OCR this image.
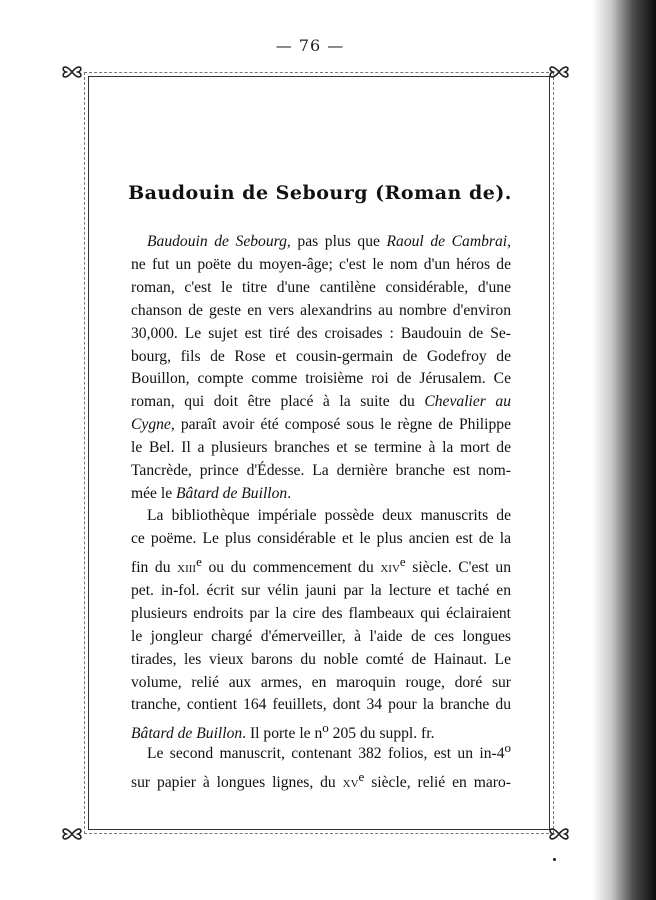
— 76 —
Baudouin de Sebourg (Roman de).
Baudouin de Sebourg, pas plus que Raoul de Cambrai,
ne fut un poëte du moyen-âge; c'est le nom d'un héros de
roman, c'est le titre d'une cantilène considérable, d'une
chanson de geste en vers alexandrins au nombre d'environ
30,000. Le sujet est tiré des croisades : Baudouin de Se-
bourg, fils de Rose et cousin-germain de Godefroy de
Bouillon, compte comme troisième roi de Jérusalem. Ce
roman, qui doit être placé à la suite du Chevalier au
Cygne, paraît avoir été composé sous le règne de Philippe
le Bel. Il a plusieurs branches et se termine à la mort de
Tancrède, prince d'Édesse. La dernière branche est nom-
mée le Bâtard de Buillon.
La bibliothèque impériale possède deux manuscrits de
ce poëme. Le plus considérable et le plus ancien est de la
fin du xiii$^e$ ou du commencement du xiv$^e$ siècle. C'est un
pet. in-fol. écrit sur vélin jauni par la lecture et taché en
plusieurs endroits par la cire des flambeaux qui éclairaient
le jongleur chargé d'émerveiller, à l'aide de ces longues
tirades, les vieux barons du noble comté de Hainaut. Le
volume, relié aux armes, en maroquin rouge, doré sur
tranche, contient 164 feuillets, dont 34 pour la branche du
Bâtard de Buillon. Il porte le $n^o$ 205 du suppl. fr.
Le second manuscrit, contenant 382 folios, est un in-4$^o$
sur papier à longues lignes, du $xv^e$ siècle, relié en maro-
